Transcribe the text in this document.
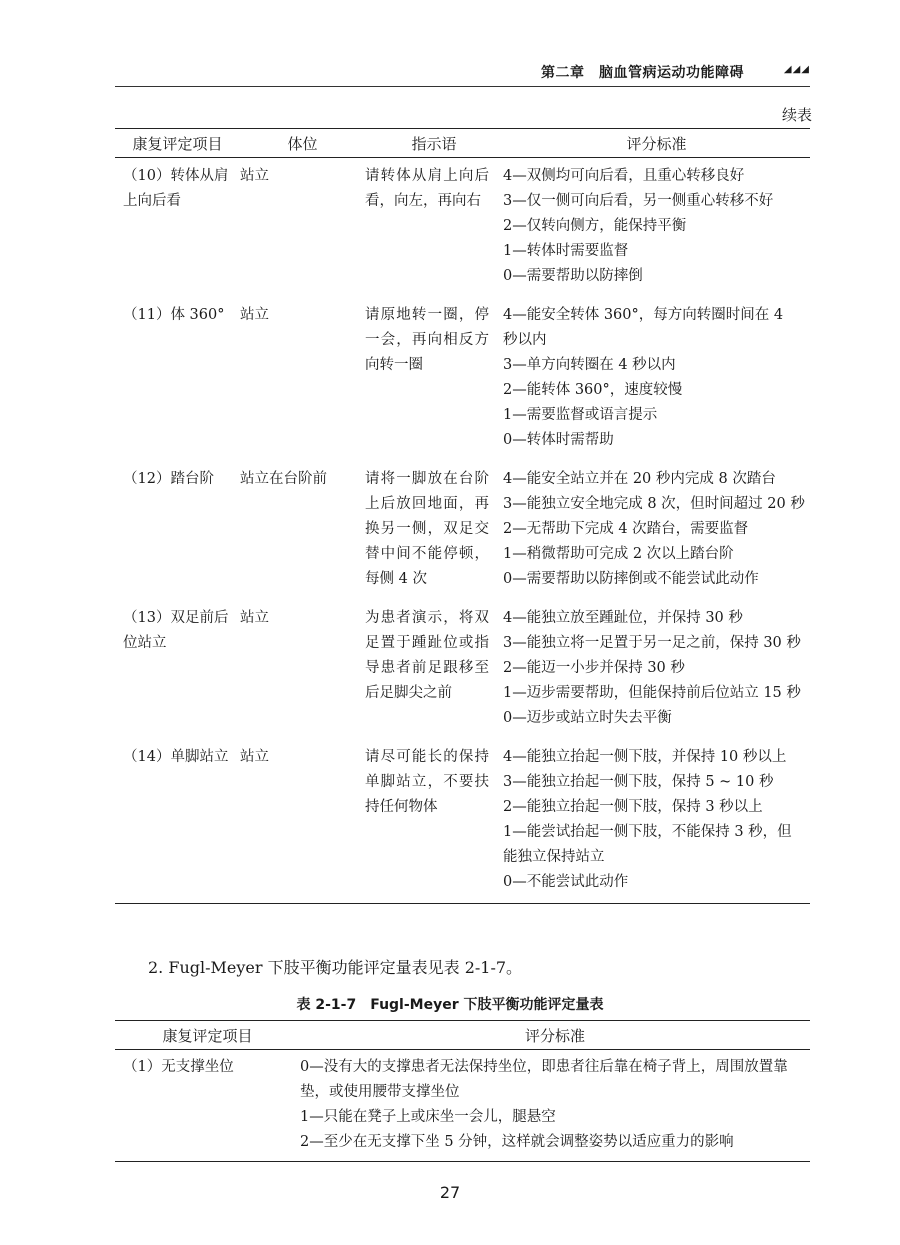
第二章　脑血管病运动功能障碍	◢◢◢
续表
康复评定项目	体位	指示语	评分标准
（10）转体从肩上向后看	站立	请转体从肩上向后看，向左，再向右	4—双侧均可向后看，且重心转移良好
3—仅一侧可向后看，另一侧重心转移不好
2—仅转向侧方，能保持平衡
1—转体时需要监督
0—需要帮助以防摔倒

（11）体 360°	站立	请原地转一圈，停一会，再向相反方向转一圈	4—能安全转体 360°，每方向转圈时间在 4 秒以内
3—单方向转圈在 4 秒以内
2—能转体 360°，速度较慢
1—需要监督或语言提示
0—转体时需帮助

（12）踏台阶	站立在台阶前	请将一脚放在台阶上后放回地面，再换另一侧，双足交替中间不能停顿，每侧 4 次	4—能安全站立并在 20 秒内完成 8 次踏台
3—能独立安全地完成 8 次，但时间超过 20 秒
2—无帮助下完成 4 次踏台，需要监督
1—稍微帮助可完成 2 次以上踏台阶
0—需要帮助以防摔倒或不能尝试此动作

（13）双足前后位站立	站立	为患者演示，将双足置于踵趾位或指导患者前足跟移至后足脚尖之前	4—能独立放至踵趾位，并保持 30 秒
3—能独立将一足置于另一足之前，保持 30 秒
2—能迈一小步并保持 30 秒
1—迈步需要帮助，但能保持前后位站立 15 秒
0—迈步或站立时失去平衡

（14）单脚站立	站立	请尽可能长的保持单脚站立，不要扶持任何物体	4—能独立抬起一侧下肢，并保持 10 秒以上
3—能独立抬起一侧下肢，保持 5 ~ 10 秒
2—能独立抬起一侧下肢，保持 3 秒以上
1—能尝试抬起一侧下肢，不能保持 3 秒，但能独立保持站立
0—不能尝试此动作
2. Fugl-Meyer 下肢平衡功能评定量表见表 2-1-7。
表 2-1-7　Fugl-Meyer 下肢平衡功能评定量表
康复评定项目	评分标准
（1）无支撑坐位	0—没有大的支撑患者无法保持坐位，即患者往后靠在椅子背上，周围放置靠垫，或使用腰带支撑坐位
1—只能在凳子上或床坐一会儿，腿悬空
2—至少在无支撑下坐 5 分钟，这样就会调整姿势以适应重力的影响
27
